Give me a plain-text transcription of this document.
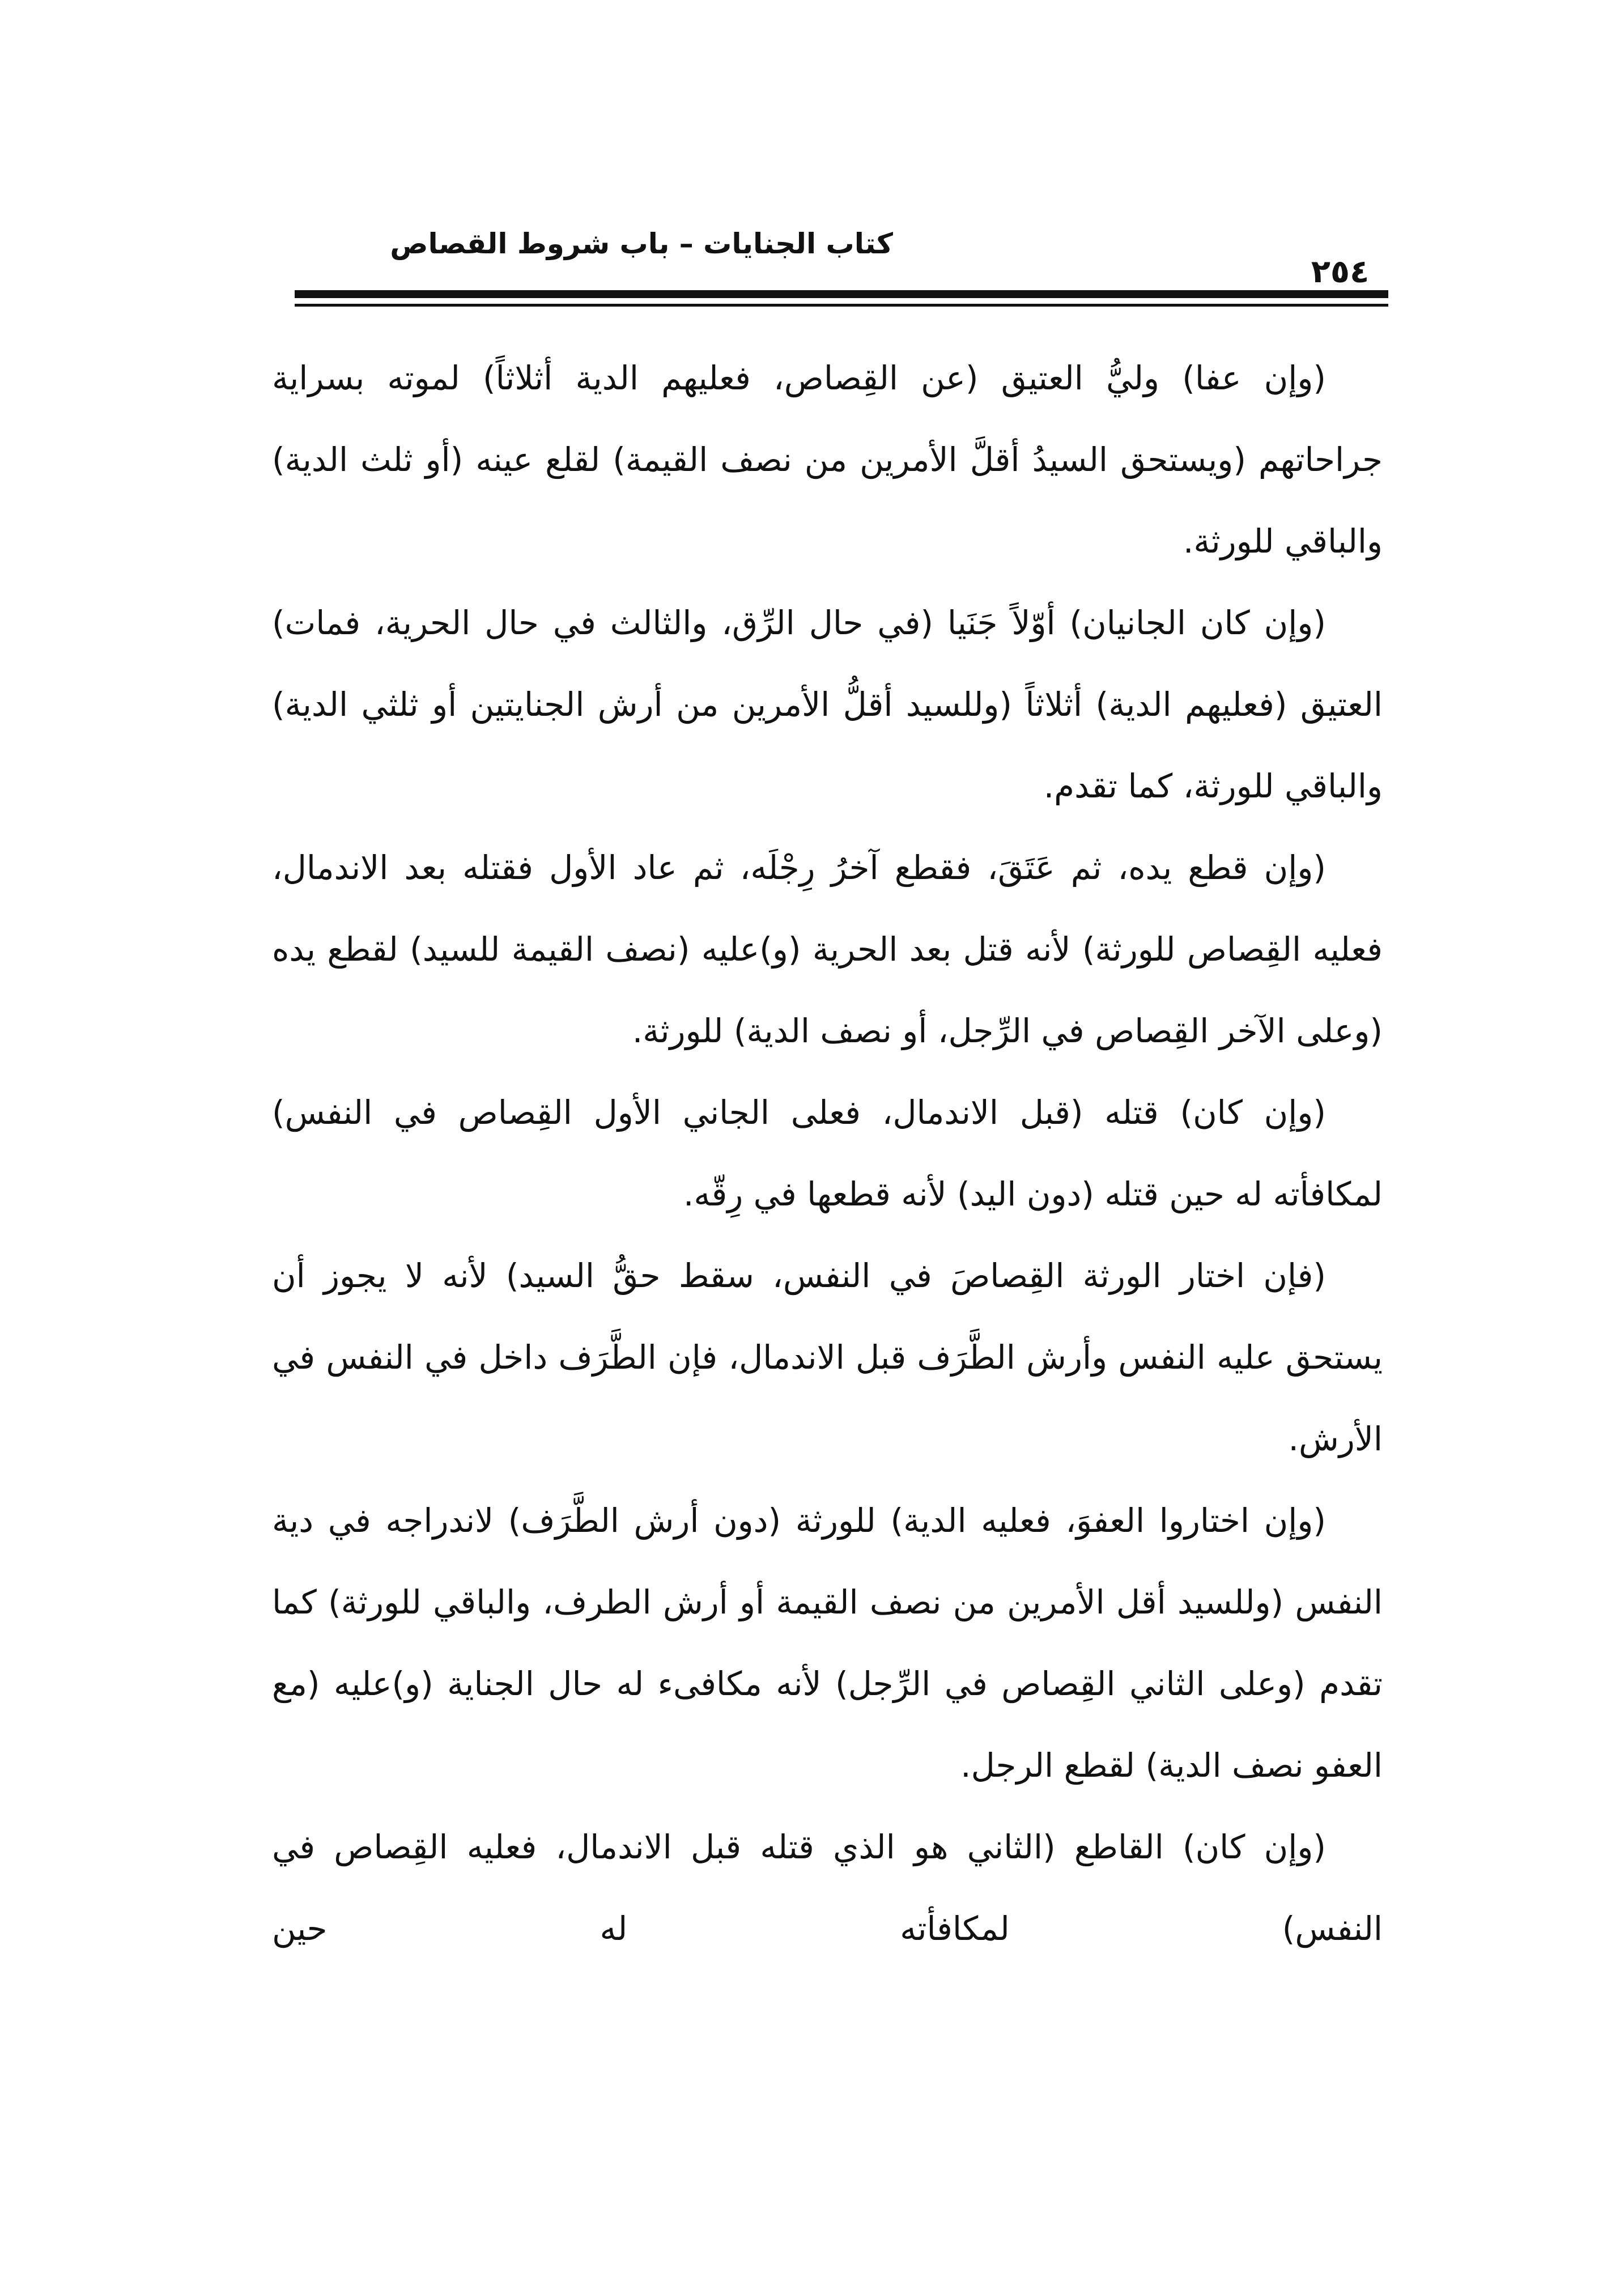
كتاب الجنايات – باب شروط القصاص
٢٥٤

(وإن عفا) وليُّ العتيق (عن القِصاص، فعليهم الدية أثلاثاً) لموته بسراية جراحاتهم (ويستحق السيدُ أقلَّ الأمرين من نصف القيمة) لقلع عينه (أو ثلث الدية) والباقي للورثة.

(وإن كان الجانيان) أوّلاً جَنَيا (في حال الرِّق، والثالث في حال الحرية، فمات) العتيق (فعليهم الدية) أثلاثاً (وللسيد أقلُّ الأمرين من أرش الجنايتين أو ثلثي الدية) والباقي للورثة، كما تقدم.

(وإن قطع يده، ثم عَتَقَ، فقطع آخرُ رِجْلَه، ثم عاد الأول فقتله بعد الاندمال، فعليه القِصاص للورثة) لأنه قتل بعد الحرية (و)عليه (نصف القيمة للسيد) لقطع يده (وعلى الآخر القِصاص في الرِّجل، أو نصف الدية) للورثة.

(وإن كان) قتله (قبل الاندمال، فعلى الجاني الأول القِصاص في النفس) لمكافأته له حين قتله (دون اليد) لأنه قطعها في رِقّه.

(فإن اختار الورثة القِصاصَ في النفس، سقط حقُّ السيد) لأنه لا يجوز أن يستحق عليه النفس وأرش الطَّرَف قبل الاندمال، فإن الطَّرَف داخل في النفس في الأرش.

(وإن اختاروا العفوَ، فعليه الدية) للورثة (دون أرش الطَّرَف) لاندراجه في دية النفس (وللسيد أقل الأمرين من نصف القيمة أو أرش الطرف، والباقي للورثة) كما تقدم (وعلى الثاني القِصاص في الرِّجل) لأنه مكافىء له حال الجناية (و)عليه (مع العفو نصف الدية) لقطع الرجل.

(وإن كان) القاطع (الثاني هو الذي قتله قبل الاندمال، فعليه القِصاص في النفس) لمكافأته له حين
